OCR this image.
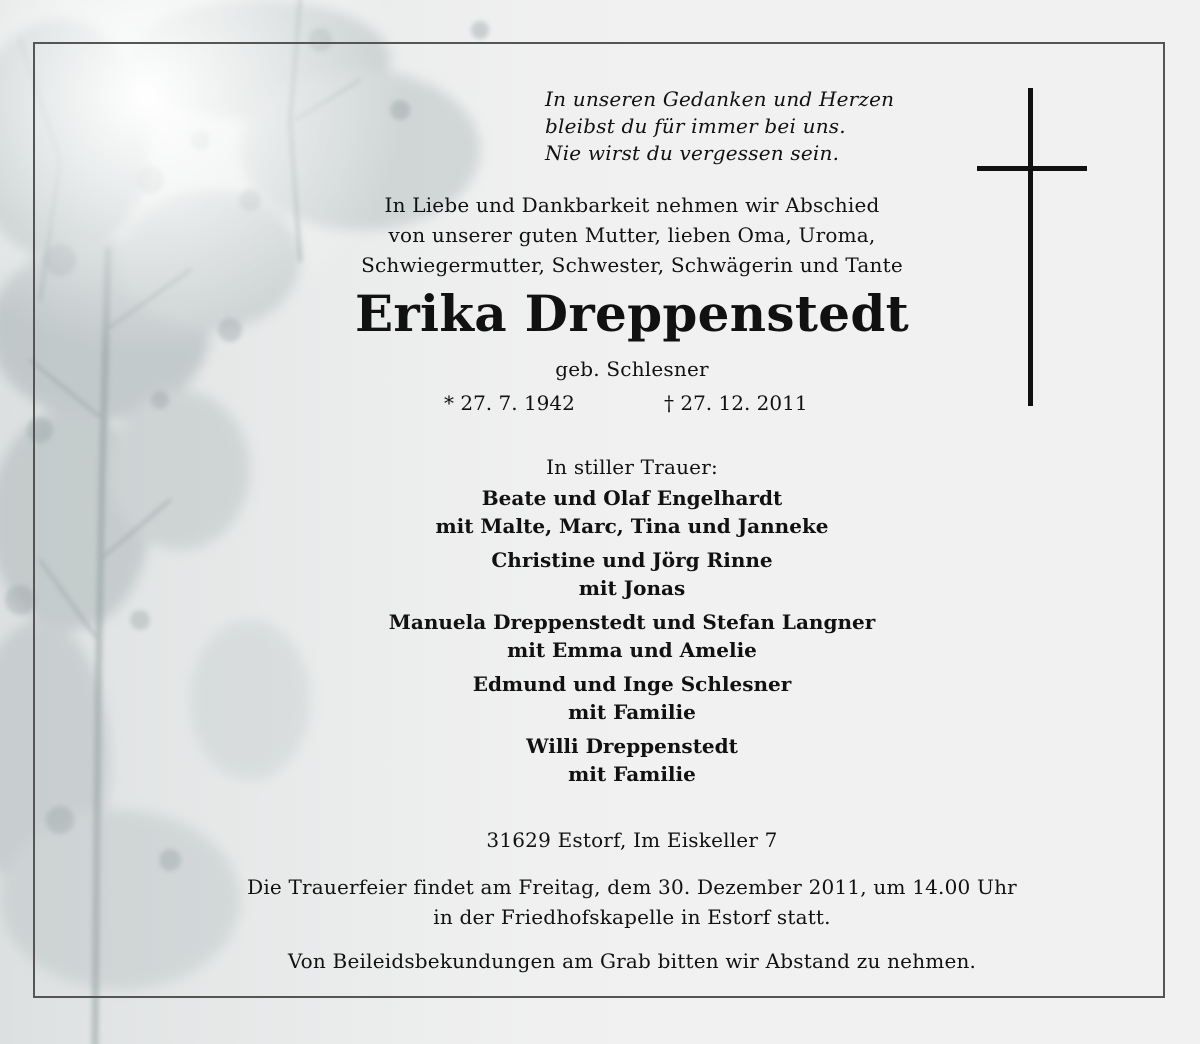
In unseren Gedanken und Herzen
bleibst du für immer bei uns.
Nie wirst du vergessen sein.
In Liebe und Dankbarkeit nehmen wir Abschied
von unserer guten Mutter, lieben Oma, Uroma,
Schwiegermutter, Schwester, Schwägerin und Tante
Erika Dreppenstedt
geb. Schlesner
* 27. 7. 1942	† 27. 12. 2011
In stiller Trauer:
Beate und Olaf Engelhardt
mit Malte, Marc, Tina und Janneke
Christine und Jörg Rinne
mit Jonas
Manuela Dreppenstedt und Stefan Langner
mit Emma und Amelie
Edmund und Inge Schlesner
mit Familie
Willi Dreppenstedt
mit Familie
31629 Estorf, Im Eiskeller 7
Die Trauerfeier findet am Freitag, dem 30. Dezember 2011, um 14.00 Uhr
in der Friedhofskapelle in Estorf statt.
Von Beileidsbekundungen am Grab bitten wir Abstand zu nehmen.
